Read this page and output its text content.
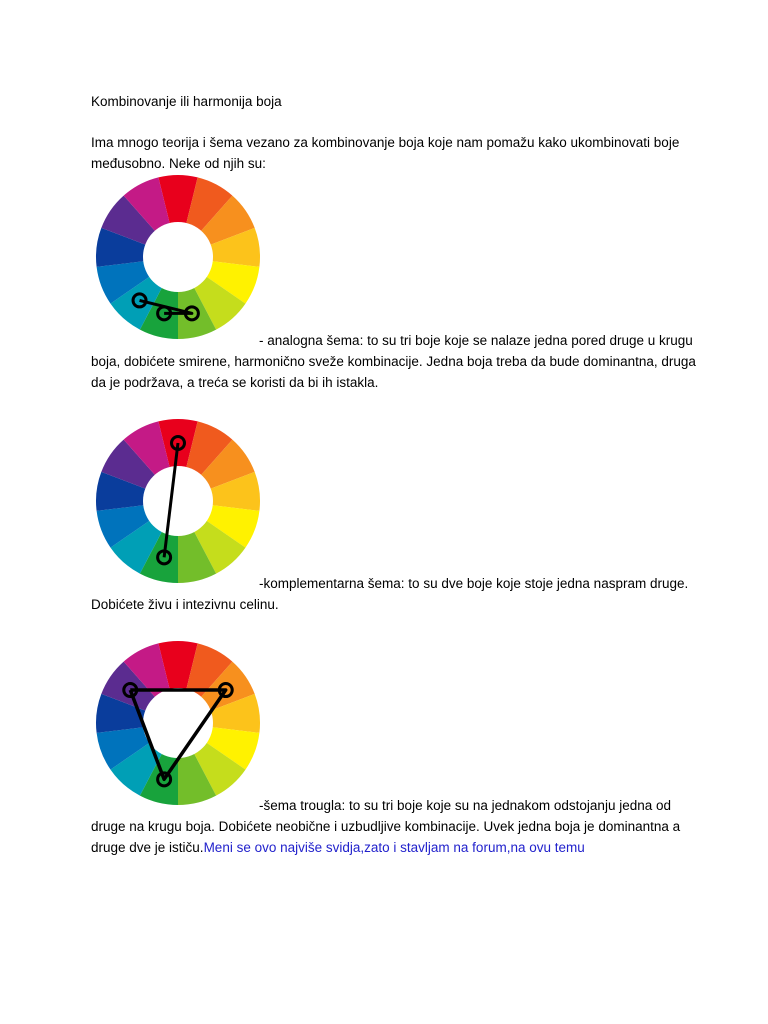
Kombinovanje ili harmonija boja
Ima mnogo teorija i šema vezano za kombinovanje boja koje nam pomažu kako ukombinovati boje međusobno. Neke od njih su:
- analogna šema: to su tri boje koje se nalaze jedna pored druge u krugu
boja, dobićete smirene, harmonično sveže kombinacije. Jedna boja treba da bude dominantna, druga da je podržava, a treća se koristi da bi ih istakla.
-komplementarna šema: to su dve boje koje stoje jedna naspram druge.
Dobićete živu i intezivnu celinu.
-šema trougla: to su tri boje koje su na jednakom odstojanju jedna od
druge na krugu boja. Dobićete neobične i uzbudljive kombinacije. Uvek jedna boja je dominantna a druge dve je ističu.Meni se ovo najviše svidja,zato i stavljam na forum,na ovu temu
